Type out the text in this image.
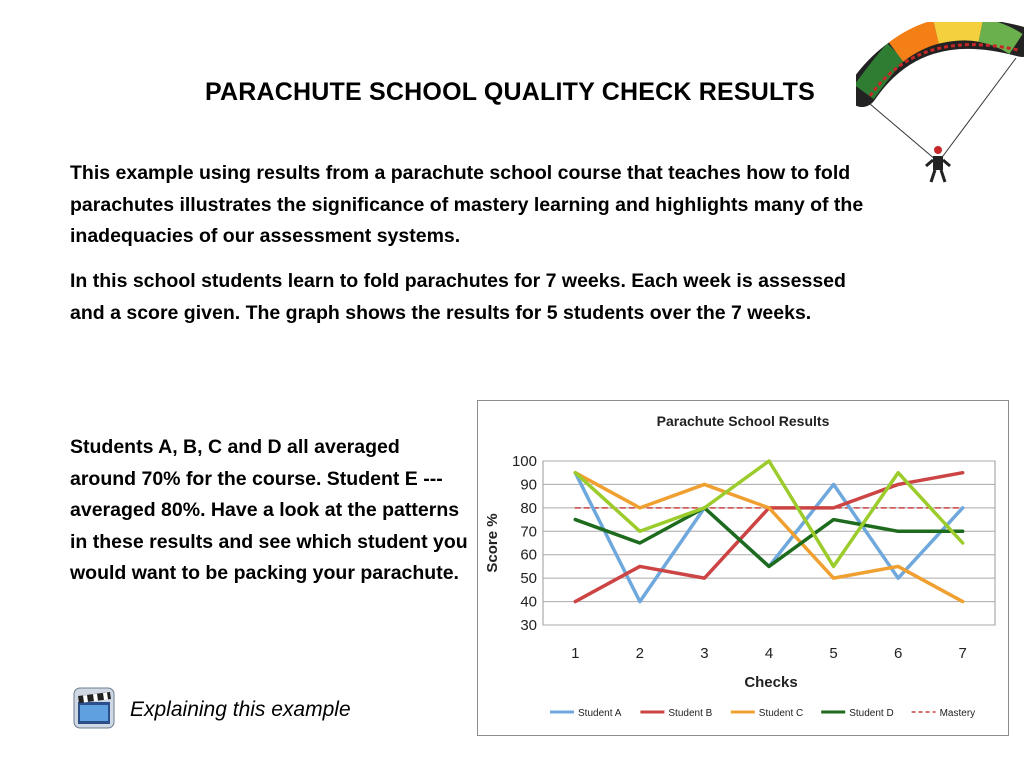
PARACHUTE SCHOOL QUALITY CHECK RESULTS
This example using results from a parachute school course that teaches how to fold parachutes illustrates the significance of mastery learning and highlights many of the inadequacies of our assessment systems.
In this school students learn to fold parachutes for 7 weeks. Each week is assessed and a score given. The graph shows the results for 5 students over the 7 weeks.
Students A, B, C and D all averaged around 70% for the course. Student E --- averaged 80%. Have a look at the patterns in these results and see which student you would want to be packing your parachute.
Explaining this example
Parachute School Results
30
40
50
60
70
80
90
100
1	2	3	4	5	6	7
Checks
Score %
Student A	Student B	Student C	Student D	Mastery
